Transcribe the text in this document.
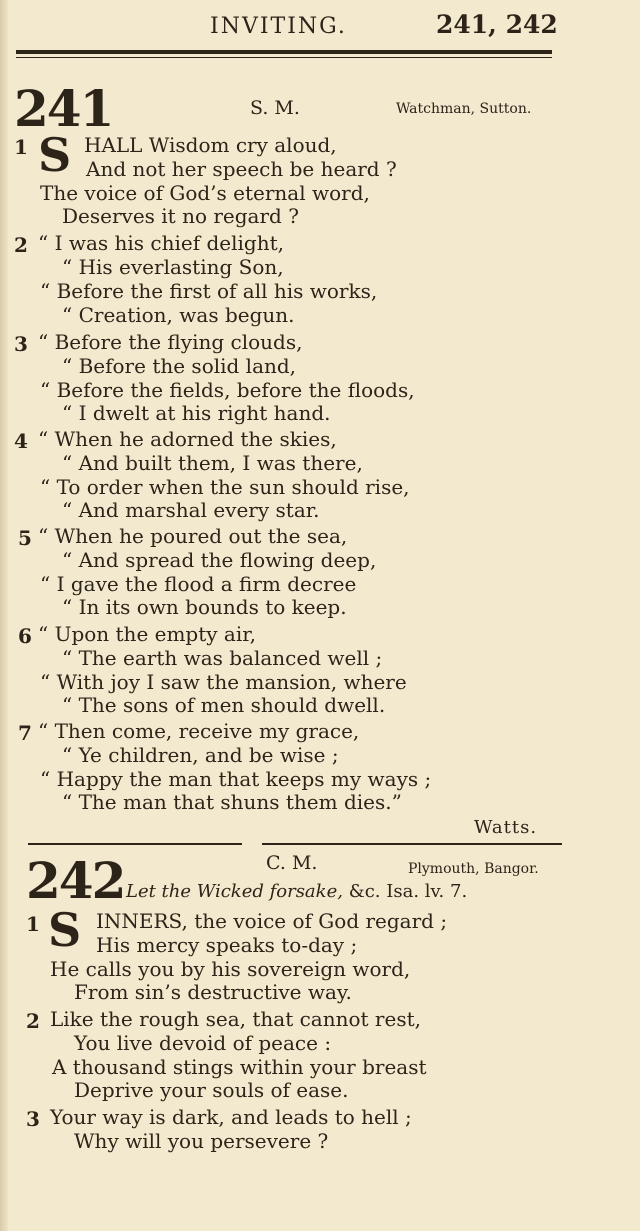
INVITING.	241, 242
241	S. M.	Watchman, Sutton.
1 S HALL Wisdom cry aloud,
And not her speech be heard ?
The voice of God’s eternal word,
Deserves it no regard ?
2 “ I was his chief delight,
“ His everlasting Son,
“ Before the first of all his works,
“ Creation, was begun.
3 “ Before the flying clouds,
“ Before the solid land,
“ Before the fields, before the floods,
“ I dwelt at his right hand.
4 “ When he adorned the skies,
“ And built them, I was there,
“ To order when the sun should rise,
“ And marshal every star.
5 “ When he poured out the sea,
“ And spread the flowing deep,
“ I gave the flood a firm decree
“ In its own bounds to keep.
6 “ Upon the empty air,
“ The earth was balanced well ;
“ With joy I saw the mansion, where
“ The sons of men should dwell.
7 “ Then come, receive my grace,
“ Ye children, and be wise ;
“ Happy the man that keeps my ways ;
“ The man that shuns them dies.”
Watts.
242	C. M.	Plymouth, Bangor.
Let the Wicked forsake, &c. Isa. lv. 7.
1 S INNERS, the voice of God regard ;
His mercy speaks to-day ;
He calls you by his sovereign word,
From sin’s destructive way.
2 Like the rough sea, that cannot rest,
You live devoid of peace :
A thousand stings within your breast
Deprive your souls of ease.
3 Your way is dark, and leads to hell ;
Why will you persevere ?
